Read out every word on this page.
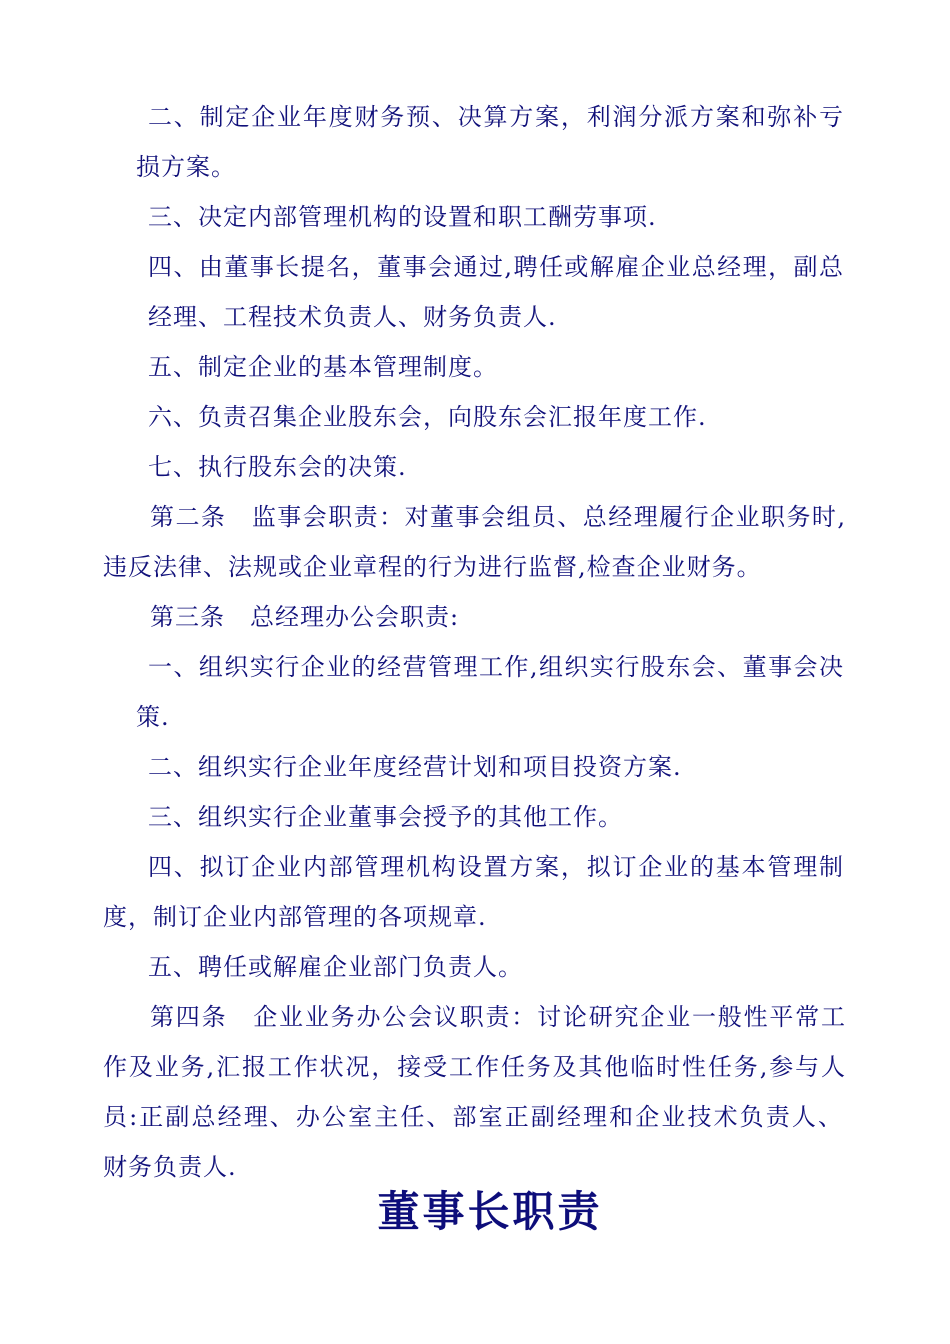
二、制定企业年度财务预、决算方案，利润分派方案和弥补亏
损方案。
三、决定内部管理机构的设置和职工酬劳事项.
四、由董事长提名，董事会通过,聘任或解雇企业总经理，副总
经理、工程技术负责人、财务负责人.
五、制定企业的基本管理制度。
六、负责召集企业股东会，向股东会汇报年度工作.
七、执行股东会的决策.
第二条　监事会职责：对董事会组员、总经理履行企业职务时,
违反法律、法规或企业章程的行为进行监督,检查企业财务。
第三条　总经理办公会职责:
一、组织实行企业的经营管理工作,组织实行股东会、董事会决
策.
二、组织实行企业年度经营计划和项目投资方案.
三、组织实行企业董事会授予的其他工作。
四、拟订企业内部管理机构设置方案，拟订企业的基本管理制
度，制订企业内部管理的各项规章.
五、聘任或解雇企业部门负责人。
第四条　企业业务办公会议职责：讨论研究企业一般性平常工
作及业务,汇报工作状况，接受工作任务及其他临时性任务,参与人
员:正副总经理、办公室主任、部室正副经理和企业技术负责人、
财务负责人.
董事长职责
